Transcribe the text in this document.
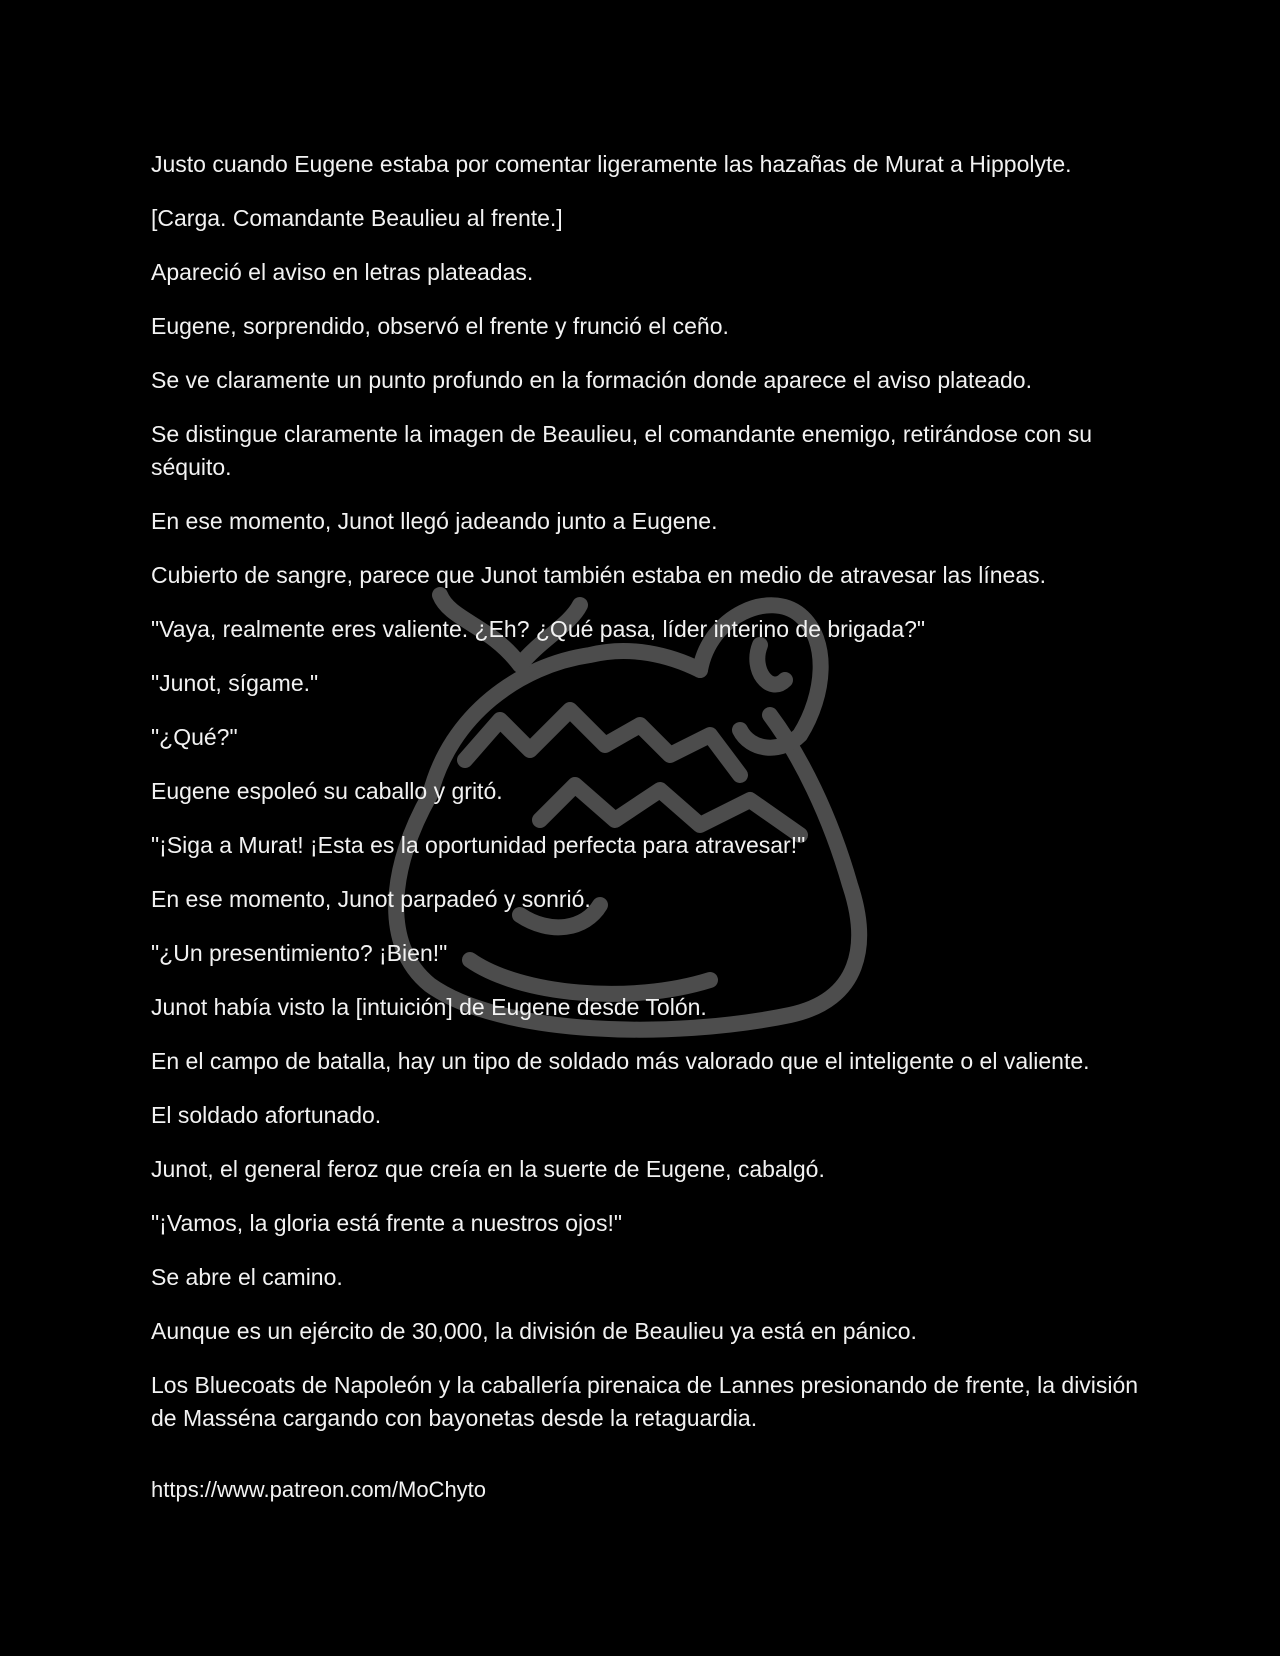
Justo cuando Eugene estaba por comentar ligeramente las hazañas de Murat a Hippolyte.

[Carga. Comandante Beaulieu al frente.]

Apareció el aviso en letras plateadas.

Eugene, sorprendido, observó el frente y frunció el ceño.

Se ve claramente un punto profundo en la formación donde aparece el aviso plateado.

Se distingue claramente la imagen de Beaulieu, el comandante enemigo, retirándose con su séquito.

En ese momento, Junot llegó jadeando junto a Eugene.

Cubierto de sangre, parece que Junot también estaba en medio de atravesar las líneas.

"Vaya, realmente eres valiente. ¿Eh? ¿Qué pasa, líder interino de brigada?"

"Junot, sígame."

"¿Qué?"

Eugene espoleó su caballo y gritó.

"¡Siga a Murat! ¡Esta es la oportunidad perfecta para atravesar!"

En ese momento, Junot parpadeó y sonrió.

"¿Un presentimiento? ¡Bien!"

Junot había visto la [intuición] de Eugene desde Tolón.

En el campo de batalla, hay un tipo de soldado más valorado que el inteligente o el valiente.

El soldado afortunado.

Junot, el general feroz que creía en la suerte de Eugene, cabalgó.

"¡Vamos, la gloria está frente a nuestros ojos!"

Se abre el camino.

Aunque es un ejército de 30,000, la división de Beaulieu ya está en pánico.

Los Bluecoats de Napoleón y la caballería pirenaica de Lannes presionando de frente, la división de Masséna cargando con bayonetas desde la retaguardia.

https://www.patreon.com/MoChyto
